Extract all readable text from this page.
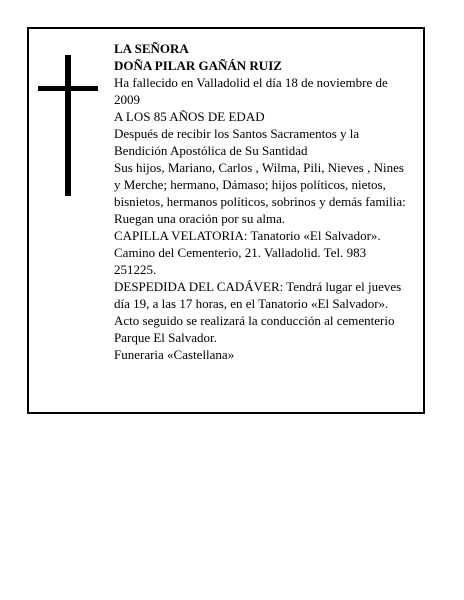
LA SEÑORA
DOÑA PILAR GAÑÁN RUIZ
Ha fallecido en Valladolid el día 18 de noviembre de
2009
A LOS 85 AÑOS DE EDAD
Después de recibir los Santos Sacramentos y la
Bendición Apostólica de Su Santidad
Sus hijos, Mariano, Carlos , Wilma, Pili, Nieves , Nines
y Merche; hermano, Dámaso; hijos políticos, nietos,
bisnietos, hermanos políticos, sobrinos y demás familia:
Ruegan una oración por su alma.
CAPILLA VELATORIA: Tanatorio «El Salvador».
Camino del Cementerio, 21. Valladolid. Tel. 983
251225.
DESPEDIDA DEL CADÁVER: Tendrá lugar el jueves
día 19, a las 17 horas, en el Tanatorio «El Salvador».
Acto seguido se realizará la conducción al cementerio
Parque El Salvador.
Funeraria «Castellana»
